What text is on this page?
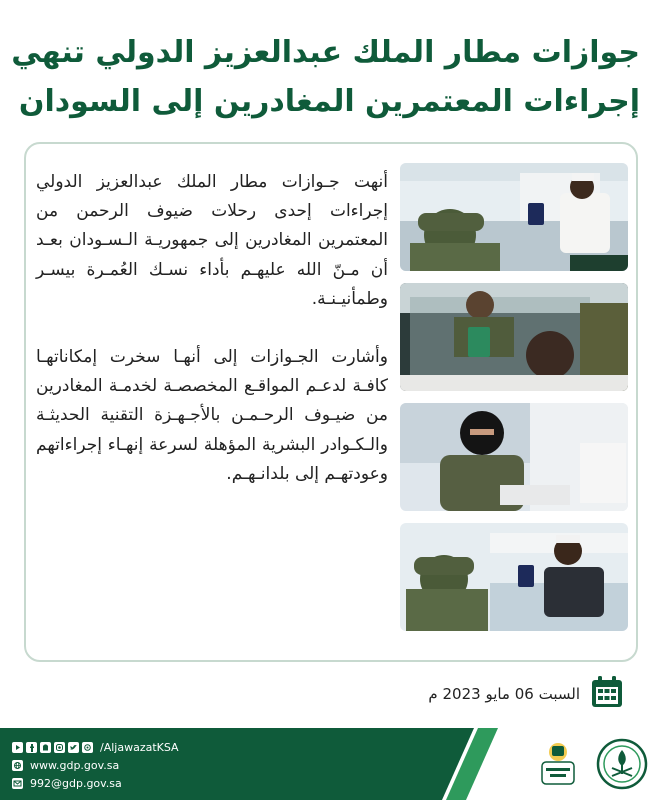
جوازات مطار الملك عبدالعزيز الدولي تنهي
إجراءات المعتمرين المغادرين إلى السودان

أنهت جـوازات مطار الملك عبدالعزيز الدولي إجراءات إحدى رحلات ضيوف الرحمن من المعتمرين المغادرين إلى جمهوريـة الـسـودان بعـد أن مـنّ الله عليهـم بأداء نسـك العُمـرة بيسـر وطمأنيـنـة.

وأشارت الجـوازات إلى أنهـا سخرت إمكاناتهـا كافـة لدعـم المواقـع المخصصـة لخدمـة المغادرين من ضيـوف الرحـمـن بالأجـهـزة التقنية الحديثـة والـكـوادر البشرية المؤهلة لسرعة إنهـاء إجراءاتهم وعودتهـم إلى بلدانـهـم.

السبت 06 مايو 2023 م
/AljawazatKSA
www.gdp.gov.sa
992@gdp.gov.sa
